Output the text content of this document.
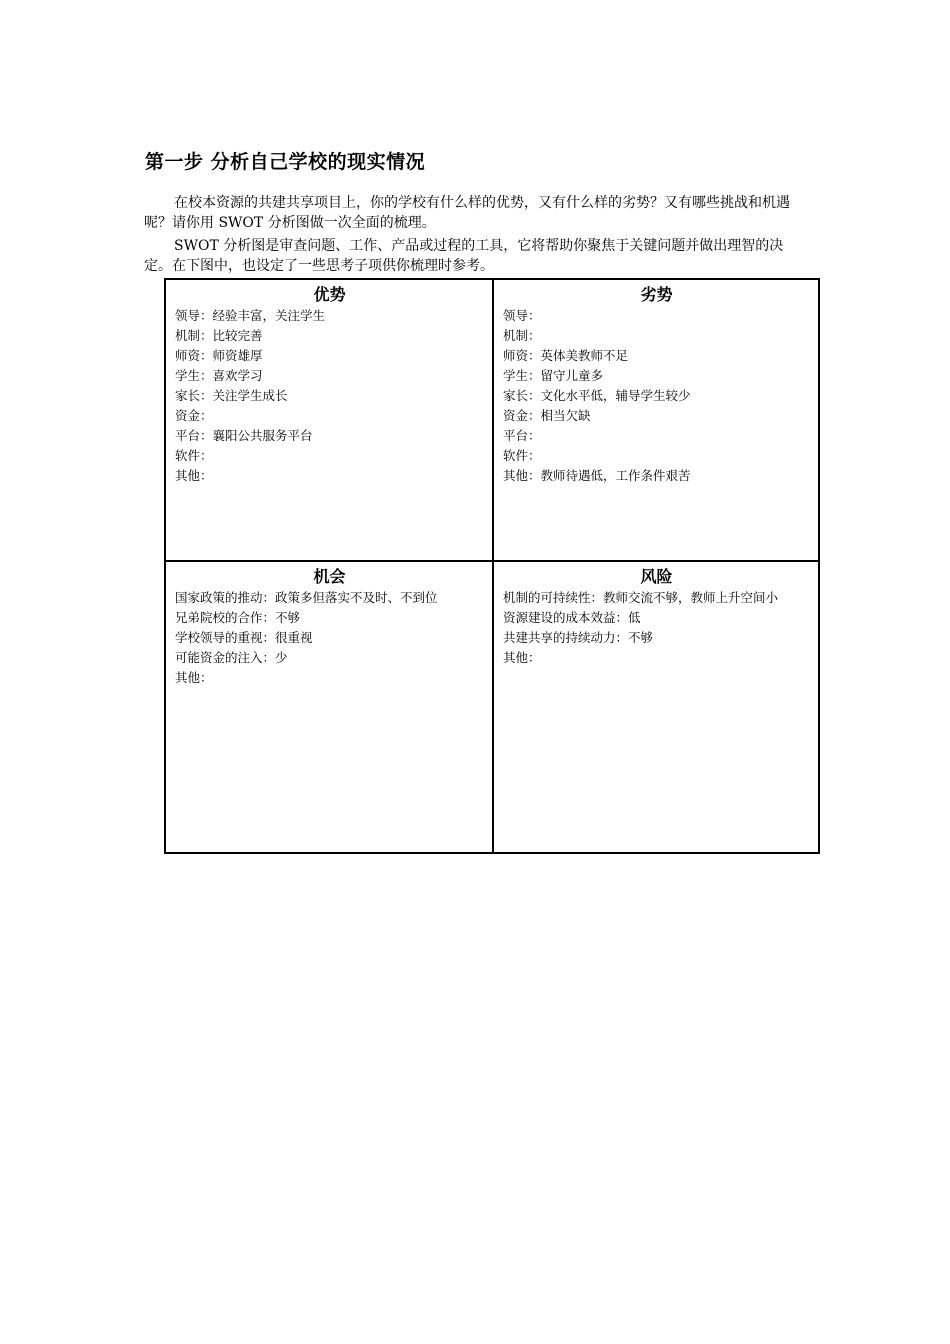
第一步 分析自己学校的现实情况

在校本资源的共建共享项目上，你的学校有什么样的优势，又有什么样的劣势？又有哪些挑战和机遇呢？请你用 SWOT 分析图做一次全面的梳理。

SWOT 分析图是审查问题、工作、产品或过程的工具，它将帮助你聚焦于关键问题并做出理智的决定。在下图中，也设定了一些思考子项供你梳理时参考。

优势
领导：经验丰富，关注学生
机制：比较完善
师资：师资雄厚
学生：喜欢学习
家长：关注学生成长
资金：
平台：襄阳公共服务平台
软件：
其他：
劣势
领导：
机制：
师资：英体美教师不足
学生：留守儿童多
家长：文化水平低，辅导学生较少
资金：相当欠缺
平台：
软件：
其他：教师待遇低，工作条件艰苦
机会
国家政策的推动：政策多但落实不及时、不到位
兄弟院校的合作：不够
学校领导的重视：很重视
可能资金的注入：少
其他：
风险
机制的可持续性：教师交流不够，教师上升空间小
资源建设的成本效益：低
共建共享的持续动力：不够
其他：
